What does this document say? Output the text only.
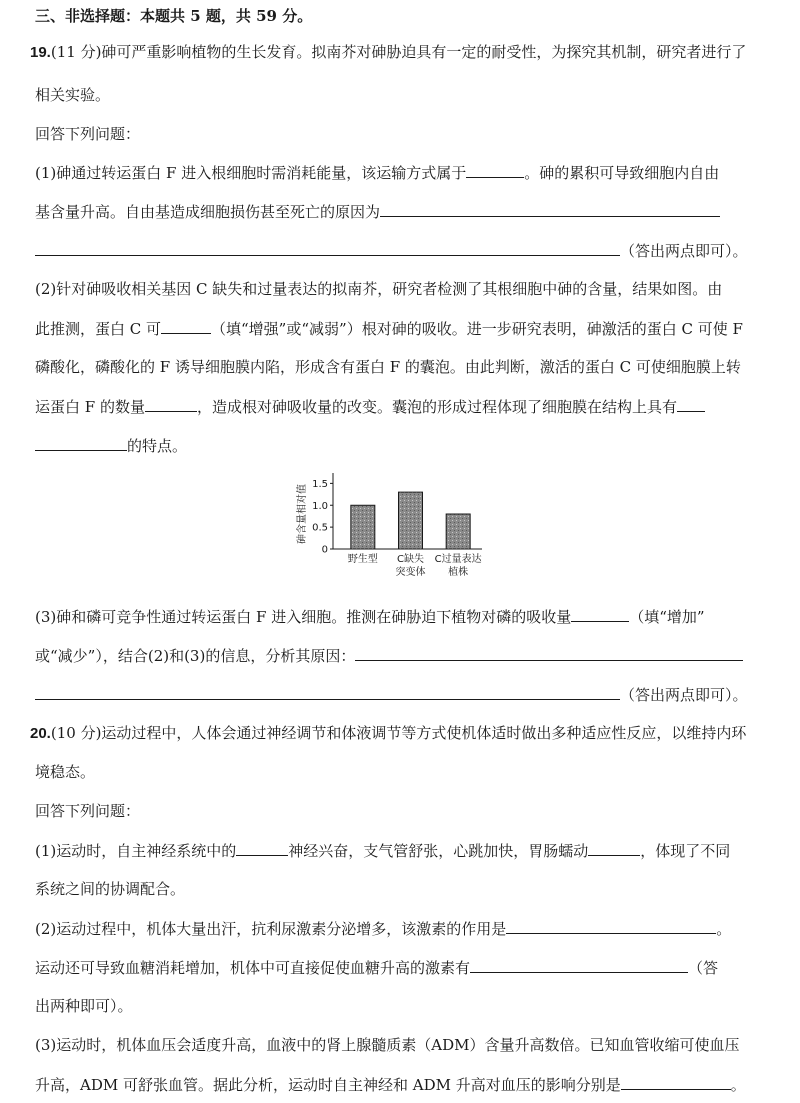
三、非选择题：本题共 5 题，共 59 分。
19.(11 分)砷可严重影响植物的生长发育。拟南芥对砷胁迫具有一定的耐受性，为探究其机制，研究者进行了
相关实验。
回答下列问题：
(1)砷通过转运蛋白 F 进入根细胞时需消耗能量，该运输方式属于	。砷的累积可导致细胞内自由
基含量升高。自由基造成细胞损伤甚至死亡的原因为
（答出两点即可）。
(2)针对砷吸收相关基因 C 缺失和过量表达的拟南芥，研究者检测了其根细胞中砷的含量，结果如图。由
此推测，蛋白 C 可	（填“增强”或“减弱”）根对砷的吸收。进一步研究表明，砷激活的蛋白 C 可使 F
磷酸化，磷酸化的 F 诱导细胞膜内陷，形成含有蛋白 F 的囊泡。由此判断，激活的蛋白 C 可使细胞膜上转
运蛋白 F 的数量	，造成根对砷吸收量的改变。囊泡的形成过程体现了细胞膜在结构上具有
的特点。
0
0.5
1.0
1.5
砷含量相对值
野生型 C缺失
突变体
C过量表达
植株
(3)砷和磷可竞争性通过转运蛋白 F 进入细胞。推测在砷胁迫下植物对磷的吸收量	（填“增加”
或“减少”），结合(2)和(3)的信息，分析其原因：
（答出两点即可）。
20.(10 分)运动过程中，人体会通过神经调节和体液调节等方式使机体适时做出多种适应性反应，以维持内环
境稳态。
回答下列问题：
(1)运动时，自主神经系统中的	神经兴奋，支气管舒张，心跳加快，胃肠蠕动	，体现了不同
系统之间的协调配合。
(2)运动过程中，机体大量出汗，抗利尿激素分泌增多，该激素的作用是	。
运动还可导致血糖消耗增加，机体中可直接促使血糖升高的激素有	（答
出两种即可）。
(3)运动时，机体血压会适度升高，血液中的肾上腺髓质素（ADM）含量升高数倍。已知血管收缩可使血压
升高，ADM 可舒张血管。据此分析，运动时自主神经和 ADM 升高对血压的影响分别是	。
